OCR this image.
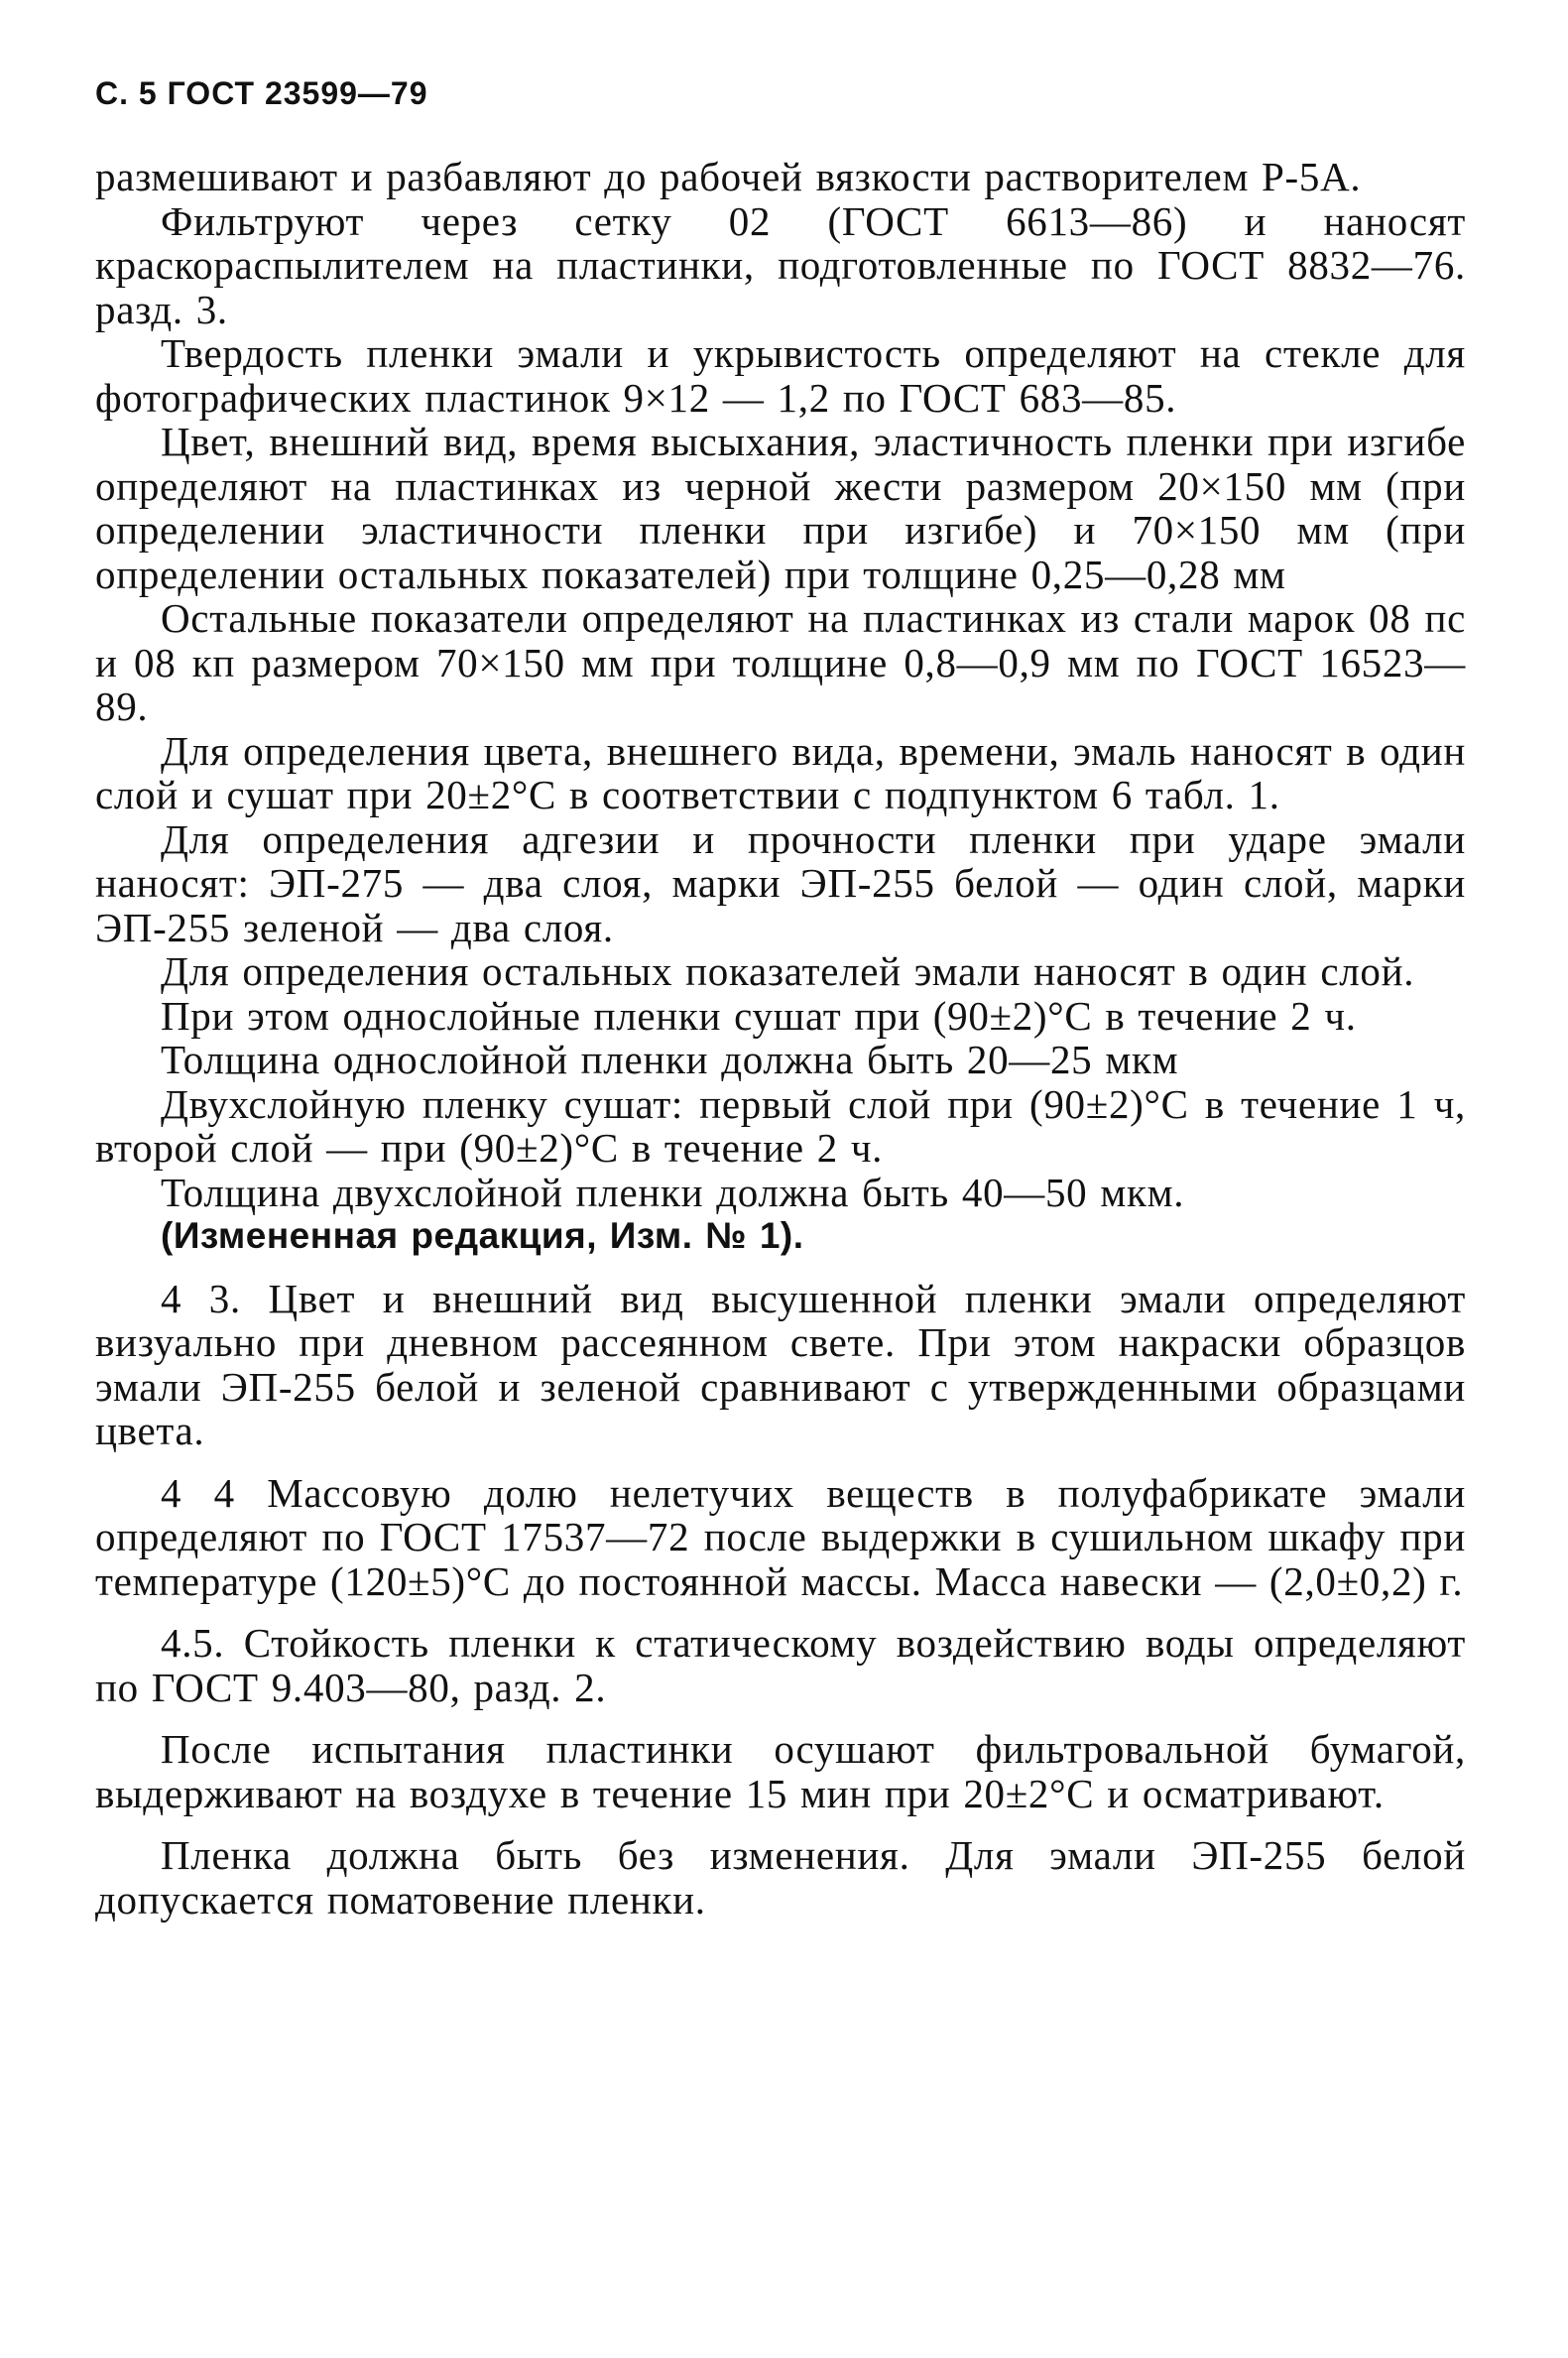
С. 5 ГОСТ 23599—79

размешивают и разбавляют до рабочей вязкости растворителем Р-5А.

Фильтруют через сетку 02 (ГОСТ 6613—86) и наносят краскораспылителем на пластинки, подготовленные по ГОСТ 8832—76. разд. 3.

Твердость пленки эмали и укрывистость определяют на стекле для фотографических пластинок 9×12 — 1,2 по ГОСТ 683—85.

Цвет, внешний вид, время высыхания, эластичность пленки при изгибе определяют на пластинках из черной жести размером 20×150 мм (при определении эластичности пленки при изгибе) и 70×150 мм (при определении остальных показателей) при толщине 0,25—0,28 мм

Остальные показатели определяют на пластинках из стали марок 08 пс и 08 кп размером 70×150 мм при толщине 0,8—0,9 мм по ГОСТ 16523—89.

Для определения цвета, внешнего вида, времени, эмаль наносят в один слой и сушат при 20±2°С в соответствии с подпунктом 6 табл. 1.

Для определения адгезии и прочности пленки при ударе эмали наносят: ЭП-275 — два слоя, марки ЭП-255 белой — один слой, марки ЭП-255 зеленой — два слоя.

Для определения остальных показателей эмали наносят в один слой.

При этом однослойные пленки сушат при (90±2)°С в течение 2 ч.

Толщина однослойной пленки должна быть 20—25 мкм

Двухслойную пленку сушат: первый слой при (90±2)°С в течение 1 ч, второй слой — при (90±2)°С в течение 2 ч.

Толщина двухслойной пленки должна быть 40—50 мкм.

(Измененная редакция, Изм. № 1).

4 3. Цвет и внешний вид высушенной пленки эмали определяют визуально при дневном рассеянном свете. При этом накраски образцов эмали ЭП-255 белой и зеленой сравнивают с утвержденными образцами цвета.

4 4 Массовую долю нелетучих веществ в полуфабрикате эмали определяют по ГОСТ 17537—72 после выдержки в сушильном шкафу при температуре (120±5)°С до постоянной массы. Масса навески — (2,0±0,2) г.

4.5. Стойкость пленки к статическому воздействию воды определяют по ГОСТ 9.403—80, разд. 2.

После испытания пластинки осушают фильтровальной бумагой, выдерживают на воздухе в течение 15 мин при 20±2°С и осматривают.

Пленка должна быть без изменения. Для эмали ЭП-255 белой допускается поматовение пленки.
